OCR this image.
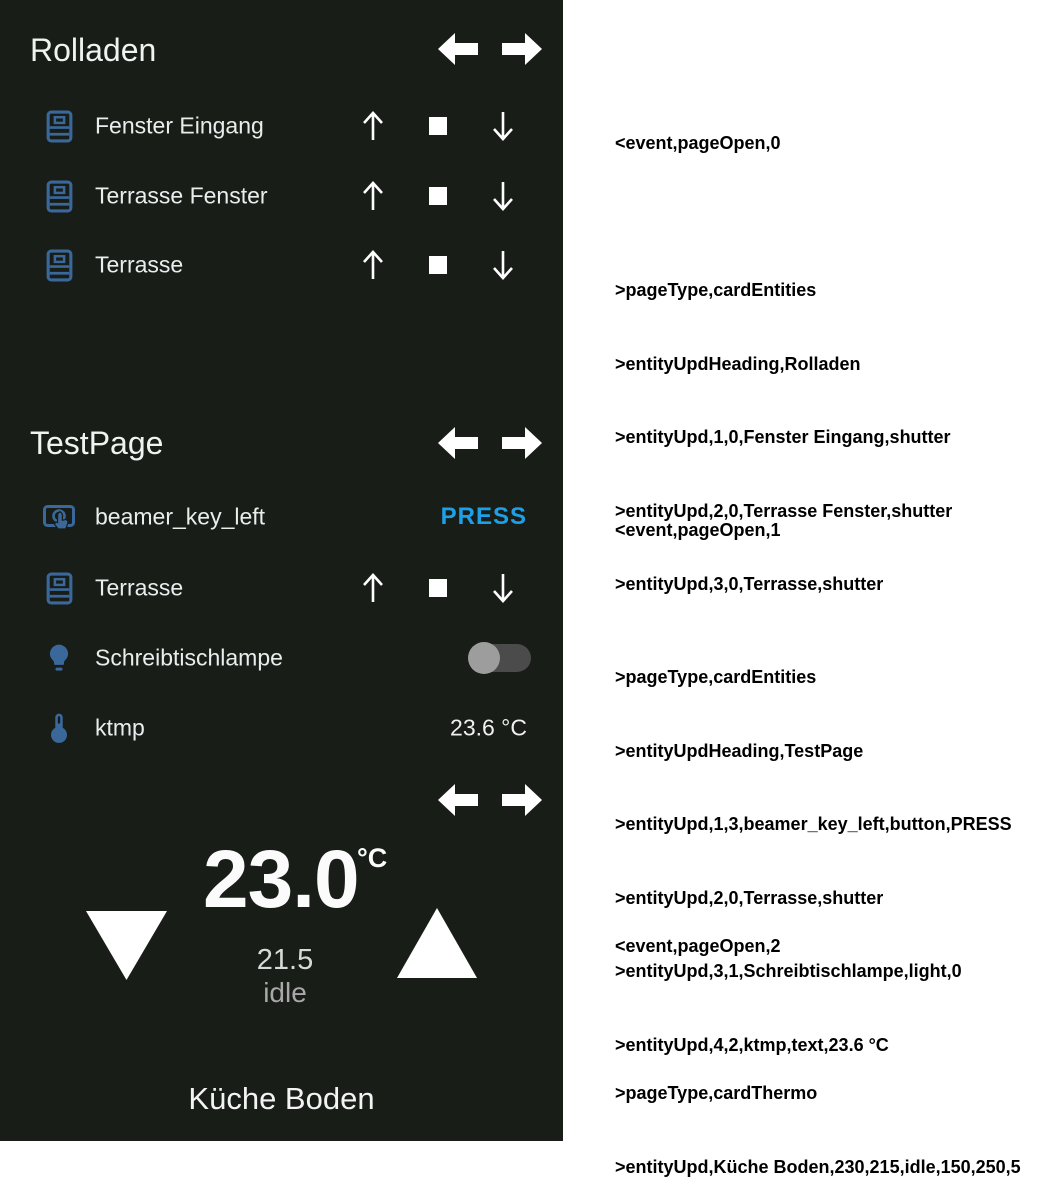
Rolladen
Fenster Eingang
Terrasse Fenster
Terrasse
TestPage
beamer_key_left	PRESS
Terrasse
Schreibtischlampe
ktmp	23.6 °C
23.0
°C
21.5
idle
Küche Boden

<event,pageOpen,0

>pageType,cardEntities

>entityUpdHeading,Rolladen

>entityUpd,1,0,Fenster Eingang,shutter

>entityUpd,2,0,Terrasse Fenster,shutter

>entityUpd,3,0,Terrasse,shutter

<event,pageOpen,1

>pageType,cardEntities

>entityUpdHeading,TestPage

>entityUpd,1,3,beamer_key_left,button,PRESS

>entityUpd,2,0,Terrasse,shutter

>entityUpd,3,1,Schreibtischlampe,light,0

>entityUpd,4,2,ktmp,text,23.6 °C

<event,pageOpen,2

>pageType,cardThermo

>entityUpd,Küche Boden,230,215,idle,150,250,5
